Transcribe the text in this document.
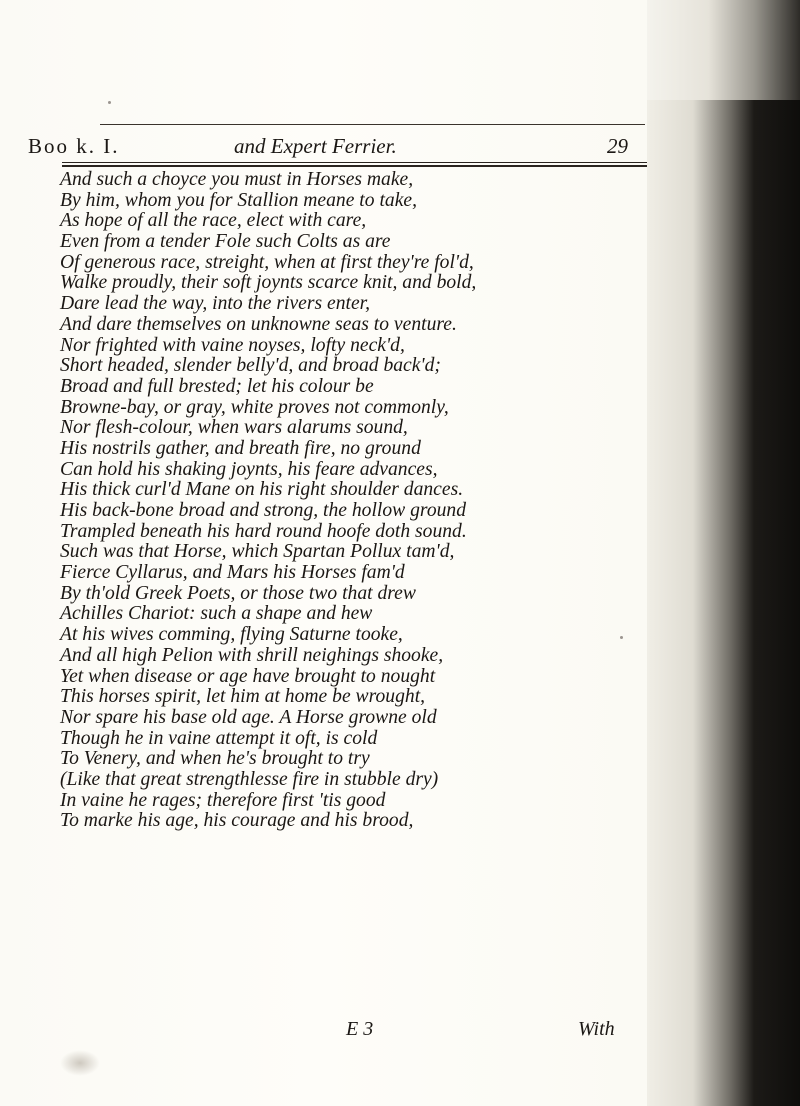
Boo k. I.	and Expert Ferrier.	29
And such a choyce you must in Horses make,
By him, whom you for Stallion meane to take,
As hope of all the race, elect with care,
Even from a tender Fole such Colts as are
Of generous race, streight, when at first they're fol'd,
Walke proudly, their soft joynts scarce knit, and bold,
Dare lead the way, into the rivers enter,
And dare themselves on unknowne seas to venture.
Nor frighted with vaine noyses, lofty neck'd,
Short headed, slender belly'd, and broad back'd;
Broad and full brested; let his colour be
Browne-bay, or gray, white proves not commonly,
Nor flesh-colour, when wars alarums sound,
His nostrils gather, and breath fire, no ground
Can hold his shaking joynts, his feare advances,
His thick curl'd Mane on his right shoulder dances.
His back-bone broad and strong, the hollow ground
Trampled beneath his hard round hoofe doth sound.
Such was that Horse, which Spartan Pollux tam'd,
Fierce Cyllarus, and Mars his Horses fam'd
By th'old Greek Poets, or those two that drew
Achilles Chariot: such a shape and hew
At his wives comming, flying Saturne tooke,
And all high Pelion with shrill neighings shooke,
Yet when disease or age have brought to nought
This horses spirit, let him at home be wrought,
Nor spare his base old age. A Horse growne old
Though he in vaine attempt it oft, is cold
To Venery, and when he's brought to try
(Like that great strengthlesse fire in stubble dry)
In vaine he rages; therefore first 'tis good
To marke his age, his courage and his brood,
E 3	With
